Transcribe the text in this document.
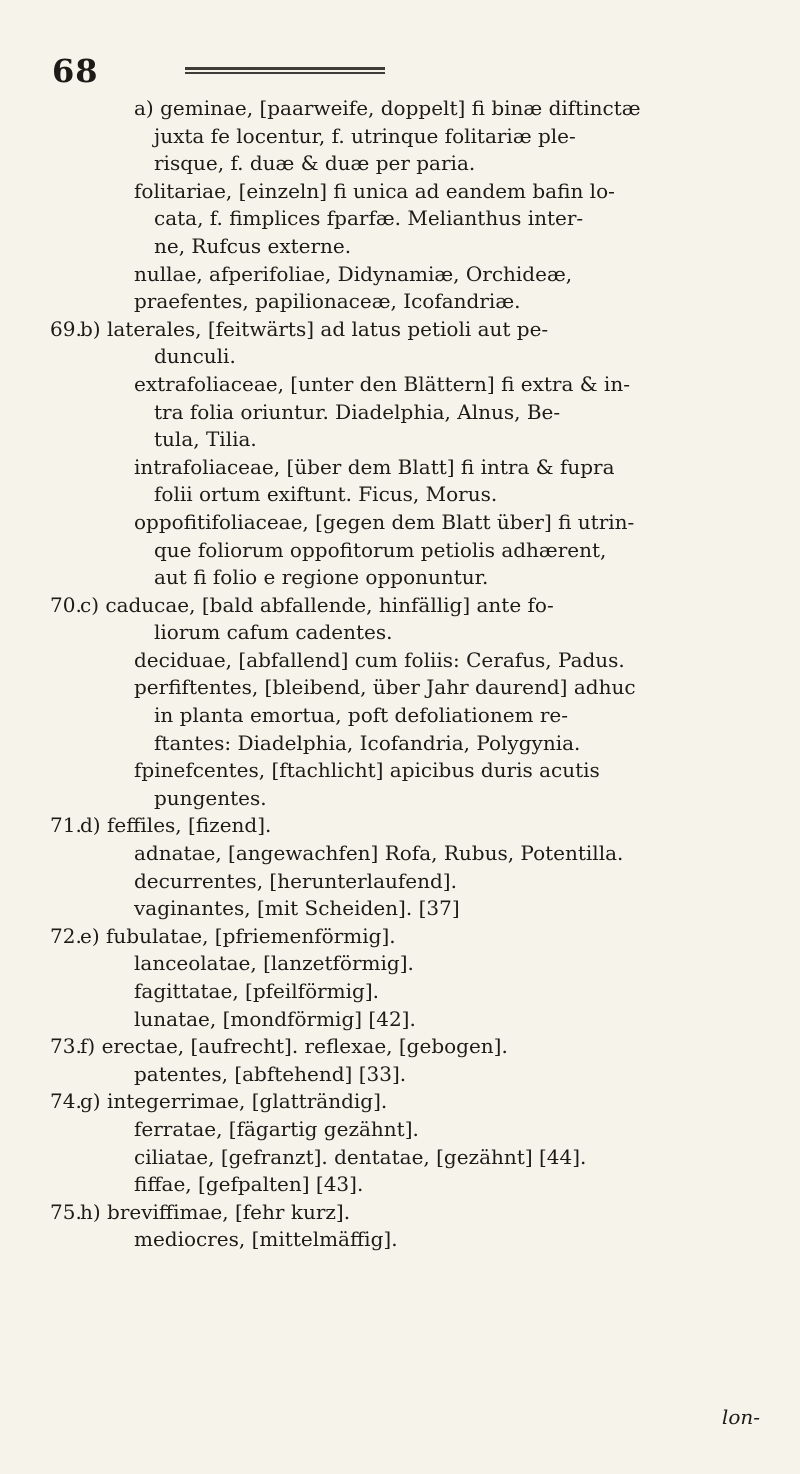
68
a) geminae, [paarweife, doppelt] fi binæ diftinctæ
juxta fe locentur, f. utrinque folitariæ ple-
risque, f. duæ & duæ per paria.
folitariae, [einzeln] fi unica ad eandem bafin lo-
cata, f. fimplices fparfæ. Melianthus inter-
ne, Rufcus externe.
nullae, afperifoliae, Didynamiæ, Orchideæ,
praefentes, papilionaceæ, Icofandriæ.
69.
b) laterales, [feitwärts] ad latus petioli aut pe-
dunculi.
extrafoliaceae, [unter den Blättern] fi extra & in-
tra folia oriuntur. Diadelphia, Alnus, Be-
tula, Tilia.
intrafoliaceae, [über dem Blatt] fi intra & fupra
folii ortum exiftunt. Ficus, Morus.
oppofitifoliaceae, [gegen dem Blatt über] fi utrin-
que foliorum oppofitorum petiolis adhærent,
aut fi folio e regione opponuntur.
70.
c) caducae, [bald abfallende, hinfällig] ante fo-
liorum cafum cadentes.
deciduae, [abfallend] cum foliis: Cerafus, Padus.
perfiftentes, [bleibend, über Jahr daurend] adhuc
in planta emortua, poft defoliationem re-
ftantes: Diadelphia, Icofandria, Polygynia.
fpinefcentes, [ftachlicht] apicibus duris acutis
pungentes.
71.
d) feffiles, [fizend].
adnatae, [angewachfen] Rofa, Rubus, Potentilla.
decurrentes, [herunterlaufend].
vaginantes, [mit Scheiden]. [37]
72.
e) fubulatae, [pfriemenförmig].
lanceolatae, [lanzetförmig].
fagittatae, [pfeilförmig].
lunatae, [mondförmig] [42].
73.
f) erectae, [aufrecht]. reflexae, [gebogen].
patentes, [abftehend] [33].
74.
g) integerrimae, [glatträndig].
ferratae, [fägartig gezähnt].
ciliatae, [gefranzt]. dentatae, [gezähnt] [44].
fiffae, [gefpalten] [43].
75.
h) breviffimae, [fehr kurz].
mediocres, [mittelmäffig].
lon-
